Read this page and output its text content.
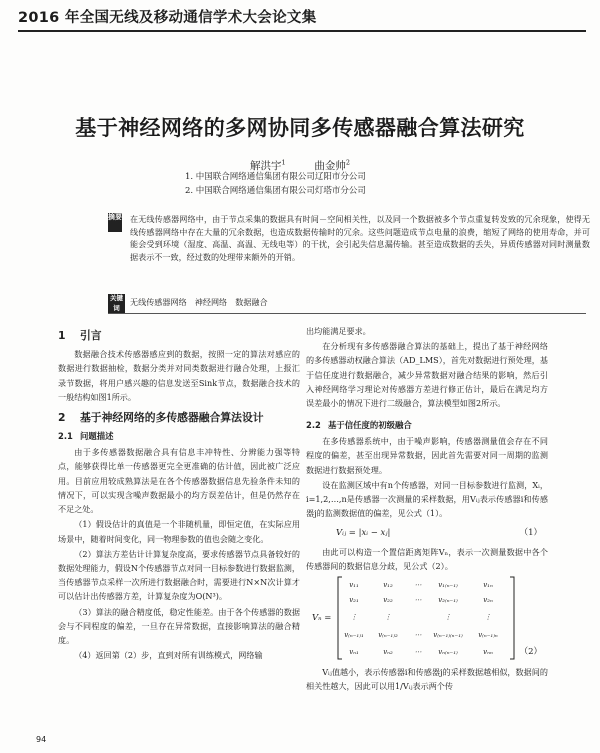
2016 年全国无线及移动通信学术大会论文集
基于神经网络的多网协同多传感器融合算法研究
解洪宇$^1$	曲金帅$^2$
1. 中国联合网络通信集团有限公司辽阳市分公司
2. 中国联合网络通信集团有限公司灯塔市分公司
摘要 在无线传感器网络中，由于节点采集的数据具有时间－空间相关性，以及同一个数据被多个节点重复转发致的冗余现象，使得无线传感器网络中存在大量的冗余数据，也造成数据传输时的冗余。这些问题造成节点电量的浪费，缩短了网络的使用寿命，并可能会受到环境（湿度、高温、高温、无线电等）的干扰，会引起失信息漏传输。甚至造成数据的丢失，异质传感器对同时测量数据表示不一致，经过数的处理带来额外的开销。
关键词
无线传感器网络　神经网络　数据融合
1 引言

数据融合技术传感器感应到的数据，按照一定的算法对感应的数据进行数据抽检，数据分类并对同类数据进行融合处理，上报汇录节数据，将用户感兴趣的信息发送至Sink节点，数据融合技术的一般结构如图1所示。

2 基于神经网络的多传感器融合算法设计
2.1 问题描述

由于多传感器数据融合具有信息丰冲特性、分辨能力强等特点，能够获得比单一传感器更完全更准确的估计值，因此被广泛应用。目前应用较成熟算法是在各个传感器数据信息先验条件未知的情况下，可以实现含噪声数据最小的均方误差估计，但是仍然存在不足之处。

（1）假设估计的真值是一个非随机量，即恒定值，在实际应用场景中，随着时间变化，同一物理参数的值也会随之变化。

（2）算法方差估计计算复杂度高，要求传感器节点具备较好的数据处理能力，假设N个传感器节点对同一目标参数进行数据监测，当传感器节点采样一次所进行数据融合时，需要进行N×N次计算才可以估计出传感器方差，计算复杂度为O(N³)。

（3）算法的融合精度低，稳定性能差。由于各个传感器的数据会与不同程度的偏差，一旦存在异常数据，直接影响算法的融合精度。

（4）返回第（2）步，直到对所有训练模式，网络输

出均能满足要求。

在分析现有多传感器融合算法的基础上，提出了基于神经网络的多传感器动权融合算法（AD_LMS），首先对数据进行预处理，基于信任度进行数据融合，减少异常数据对融合结果的影响，然后引入神经网络学习理论对传感器方差进行修正估计，最后在满足均方误差最小的情况下进行二级融合，算法模型如图2所示。

2.2 基于信任度的初级融合

在多传感器系统中，由于噪声影响，传感器测量值会存在不同程度的偏差，甚至出现异常数据，因此首先需要对同一周期的监测数据进行数据预处理。

设在监测区域中有n个传感器，对同一目标参数进行监测，Xᵢ，i=1,2,…,n是传感器一次测量的采样数据，用Vᵢⱼ表示传感器i和传感器j的监测数据值的偏差，见公式（1）。

Vᵢⱼ = |xᵢ − xⱼ|	（1）

由此可以构造一个置信距离矩阵Vₙ，表示一次测量数据中各个传感器间的数据信息分歧，见公式（2）。

Vₙ =
v₁₁	v₁₂	⋯ v₁₍ₙ₋₁₎	v₁ₙ
v₂₁	v₂₂	⋯ v₂₍ₙ₋₁₎	v₂ₙ
⋮	⋮	⋮	⋮
v₍ₙ₋₁₎₁ v₍ₙ₋₁₎₂ ⋯ v₍ₙ₋₁₎₍ₙ₋₁₎ v₍ₙ₋₁₎ₙ
vₙ₁	vₙ₂	⋯ vₙ₍ₙ₋₁₎	vₙₙ	（2）

Vᵢⱼ值越小，表示传感器i和传感器j的采样数据越相似，数据间的相关性越大，因此可以用1/Vᵢⱼ表示两个传

94
